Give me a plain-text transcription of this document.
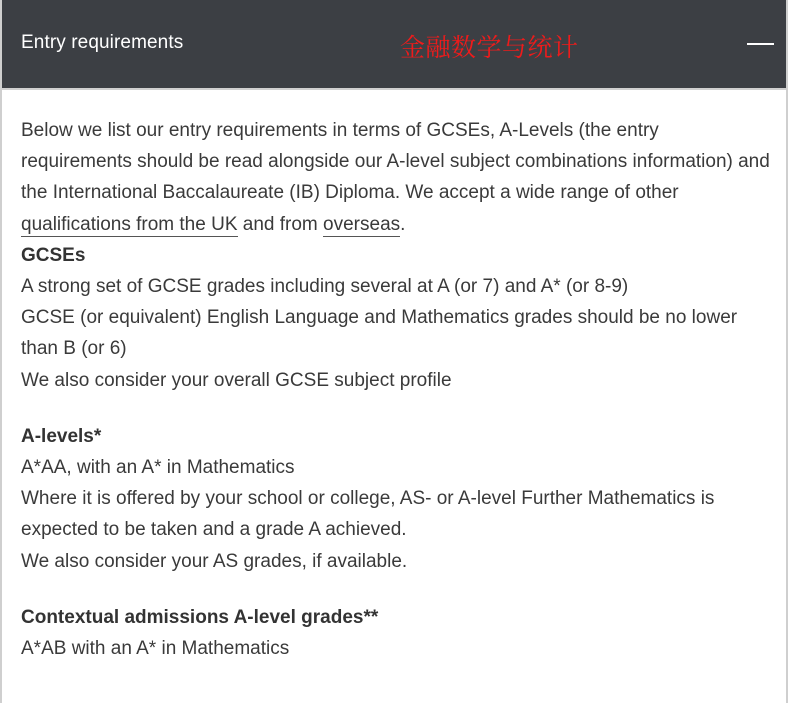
Entry requirements	金融数学与统计

Below we list our entry requirements in terms of GCSEs, A-Levels (the entry requirements should be read alongside our A-level subject combinations information) and the International Baccalaureate (IB) Diploma. We accept a wide range of other qualifications from the UK and from overseas.

GCSEs

A strong set of GCSE grades including several at A (or 7) and A* (or 8-9)

GCSE (or equivalent) English Language and Mathematics grades should be no lower than B (or 6)

We also consider your overall GCSE subject profile

A-levels*

A*AA, with an A* in Mathematics

Where it is offered by your school or college, AS- or A-level Further Mathematics is expected to be taken and a grade A achieved.

We also consider your AS grades, if available.

Contextual admissions A-level grades**

A*AB with an A* in Mathematics
